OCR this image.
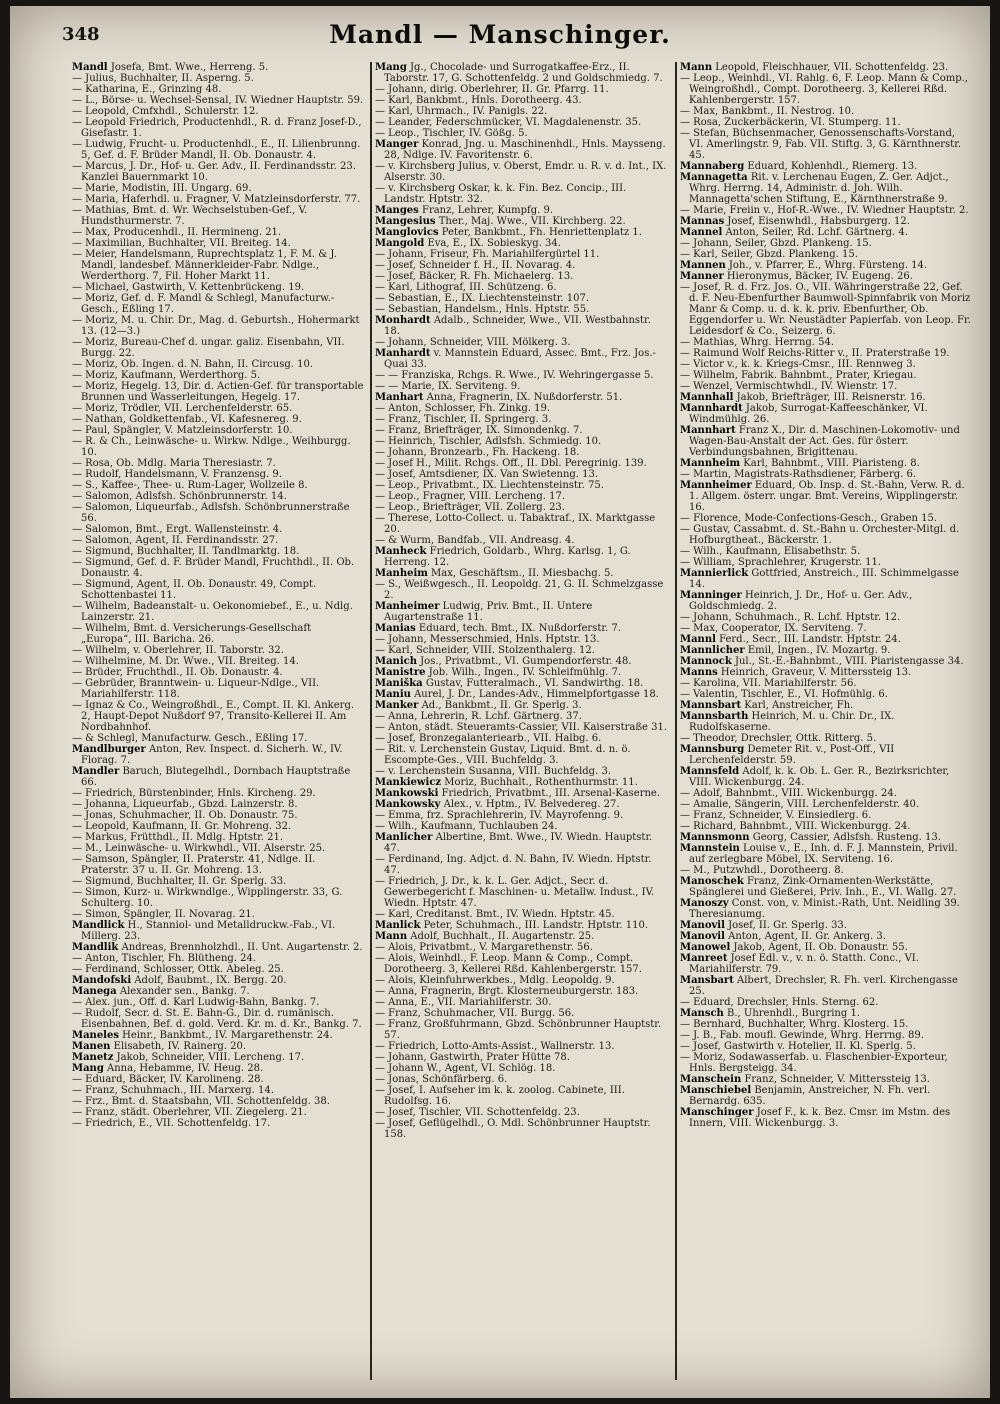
348	Mandl — Manschinger.
Mandl Josefa, Bmt. Wwe., Herreng. 5.
— Julius, Buchhalter, II. Asperng. 5.
— Katharina, E., Grinzing 48.
— L., Börse- u. Wechsel-Sensal, IV. Wiedner Hauptstr. 59.
— Leopold, Cmfxhdl., Schulerstr. 12.
— Leopold Friedrich, Productenhdl., R. d. Franz Josef-D., Gisefastr. 1.
— Ludwig, Frucht- u. Productenhdl., E., II. Lilienbrunng. 5, Gef. d. F. Brüder Mandl, II. Ob. Donaustr. 4.
— Marcus, J. Dr., Hof- u. Ger. Adv., II. Ferdinandsstr. 23. Kanzlei Bauernmarkt 10.
— Marie, Modistin, III. Ungarg. 69.
— Maria, Haferhdl. u. Fragner, V. Matzleinsdorferstr. 77.
— Mathias, Bmt. d. Wr. Wechselstuben-Gef., V. Hundsthurmerstr. 7.
— Max, Producenhdl., II. Hermineng. 21.
— Maximilian, Buchhalter, VII. Breiteg. 14.
— Meier, Handelsmann, Ruprechtsplatz 1, F. M. & J. Mandl, landesbef. Männerkleider-Fabr. Ndlge., Werderthorg. 7, Fil. Hoher Markt 11.
— Michael, Gastwirth, V. Kettenbrückeng. 19.
— Moriz, Gef. d. F. Mandl & Schlegl, Manufacturw.-Gesch., Eßling 17.
— Moriz, M. u. Chir. Dr., Mag. d. Geburtsh., Hohermarkt 13. (12—3.)
— Moriz, Bureau-Chef d. ungar. galiz. Eisenbahn, VII. Burgg. 22.
— Moriz, Ob. Ingen. d. N. Bahn, II. Circusg. 10.
— Moriz, Kaufmann, Werderthorg. 5.
— Moriz, Hegelg. 13, Dir. d. Actien-Gef. für transportable Brunnen und Wasserleitungen, Hegelg. 17.
— Moriz, Trödler, VII. Lerchenfelderstr. 65.
— Nathan, Goldkettenfab., VI. Kafesnereg. 9.
— Paul, Spängler, V. Matzleinsdorferstr. 10.
— R. & Ch., Leinwäsche- u. Wirkw. Ndlge., Weihburgg. 10.
— Rosa, Ob. Mdlg. Maria Theresiastr. 7.
— Rudolf, Handelsmann, V. Franzensg. 9.
— S., Kaffee-, Thee- u. Rum-Lager, Wollzeile 8.
— Salomon, Adlsfsh. Schönbrunnerstr. 14.
— Salomon, Liqueurfab., Adlsfsh. Schönbrunnerstraße 56.
— Salomon, Bmt., Ergt. Wallensteinstr. 4.
— Salomon, Agent, II. Ferdinandsstr. 27.
— Sigmund, Buchhalter, II. Tandlmarktg. 18.
— Sigmund, Gef. d. F. Brüder Mandl, Fruchthdl., II. Ob. Donaustr. 4.
— Sigmund, Agent, II. Ob. Donaustr. 49, Compt. Schottenbastei 11.
— Wilhelm, Badeanstalt- u. Oekonomiebef., E., u. Ndlg. Lainzerstr. 21.
— Wilhelm, Bmt. d. Versicherungs-Gesellschaft „Europa“, III. Baricha. 26.
— Wilhelm, v. Oberlehrer, II. Taborstr. 32.
— Wilhelmine, M. Dr. Wwe., VII. Breiteg. 14.
— Brüder, Fruchthdl., II. Ob. Donaustr. 4.
— Gebrüder, Branntwein- u. Liqueur-Ndlge., VII. Mariahilferstr. 118.
— Ignaz & Co., Weingroßhdl., E., Compt. II. Kl. Ankerg. 2, Haupt-Depot Nußdorf 97, Transito-Kellerei II. Am Nordbahnhof.
— & Schlegl, Manufacturw. Gesch., Eßling 17.
Mandlburger Anton, Rev. Inspect. d. Sicherh. W., IV. Florag. 7.
Mandler Baruch, Blutegelhdl., Dornbach Hauptstraße 66.
— Friedrich, Bürstenbinder, Hnls. Kircheng. 29.
— Johanna, Liqueurfab., Gbzd. Lainzerstr. 8.
— Jonas, Schuhmacher, II. Ob. Donaustr. 75.
— Leopold, Kaufmann, II. Gr. Mohreng. 32.
— Markus, Frütthdl., II. Mdlg. Hptstr. 21.
— M., Leinwäsche- u. Wirkwhdl., VII. Alserstr. 25.
— Samson, Spängler, II. Praterstr. 41, Ndlge. II. Praterstr. 37 u. II. Gr. Mohreng. 13.
— Sigmund, Buchhalter, II. Gr. Sperlg. 33.
— Simon, Kurz- u. Wirkwndlge., Wipplingerstr. 33, G. Schulterg. 10.
— Simon, Spängler, II. Novarag. 21.
Mandlick H., Stanniol- und Metalldruckw.-Fab., VI. Millerg. 23.
Mandlik Andreas, Brennholzhdl., II. Unt. Augartenstr. 2.
— Anton, Tischler, Fh. Blütheng. 24.
— Ferdinand, Schlosser, Ottk. Abeleg. 25.
Mandofski Adolf, Baubmt., IX. Bergg. 20.
Manega Alexander sen., Bankg. 7.
— Alex. jun., Off. d. Karl Ludwig-Bahn, Bankg. 7.
— Rudolf, Secr. d. St. E. Bahn-G., Dir. d. rumänisch. Eisenbahnen, Bef. d. gold. Verd. Kr. m. d. Kr., Bankg. 7.
Maneles Heinr., Bankbmt., IV. Margarethenstr. 24.
Manen Elisabeth, IV. Rainerg. 20.
Manetz Jakob, Schneider, VIII. Lercheng. 17.
Mang Anna, Hebamme, IV. Heug. 28.
— Eduard, Bäcker, IV. Karolineng. 28.
— Franz, Schuhmach., III. Marxerg. 14.
— Frz., Bmt. d. Staatsbahn, VII. Schottenfeldg. 38.
— Franz, städt. Oberlehrer, VII. Ziegelerg. 21.
— Friedrich, E., VII. Schottenfeldg. 17.
Mang Jg., Chocolade- und Surrogatkaffee-Erz., II. Taborstr. 17, G. Schottenfeldg. 2 und Goldschmiedg. 7.
— Johann, dirig. Oberlehrer, II. Gr. Pfarrg. 11.
— Karl, Bankbmt., Hnls. Dorotheerg. 43.
— Karl, Uhrmach., IV. Panigls. 22.
— Leander, Federschmücker, VI. Magdalenenstr. 35.
— Leop., Tischler, IV. Gößg. 5.
Manger Konrad, Jng. u. Maschinenhdl., Hnls. Maysseng. 28, Ndlge. IV. Favoritenstr. 6.
— v. Kirchsberg Julius, v. Oberst, Emdr. u. R. v. d. Int., IX. Alserstr. 30.
— v. Kirchsberg Oskar, k. k. Fin. Bez. Concip., III. Landstr. Hptstr. 32.
Manges Franz, Lehrer, Kumpfg. 9.
Mangesius Ther., Maj. Wwe., VII. Kirchberg. 22.
Manglovics Peter, Bankbmt., Fh. Henriettenplatz 1.
Mangold Eva, E., IX. Sobieskyg. 34.
— Johann, Friseur, Fh. Mariahilfergürtel 11.
— Josef, Schneider f. H., II. Novarag. 4.
— Josef, Bäcker, R. Fh. Michaelerg. 13.
— Karl, Lithograf, III. Schützeng. 6.
— Sebastian, E., IX. Liechtensteinstr. 107.
— Sebastian, Handelsm., Hnls. Hptstr. 55.
Monhardt Adalb., Schneider, Wwe., VII. Westbahnstr. 18.
— Johann, Schneider, VIII. Mölkerg. 3.
Manhardt v. Mannstein Eduard, Assec. Bmt., Frz. Jos.-Quai 33.
— — Franziska, Rchgs. R. Wwe., IV. Wehringergasse 5.
— — Marie, IX. Serviteng. 9.
Manhart Anna, Fragnerin, IX. Nußdorferstr. 51.
— Anton, Schlosser, Fh. Zinkg. 19.
— Franz, Tischler, II. Springerg. 3.
— Franz, Briefträger, IX. Simondenkg. 7.
— Heinrich, Tischler, Adlsfsh. Schmiedg. 10.
— Johann, Bronzearb., Fh. Hackeng. 18.
— Josef H., Milit. Rchgs. Off., II. Dbl. Peregrinig. 139.
— Josef, Amtsdiener, IX. Van Swietenng. 13.
— Leop., Privatbmt., IX. Liechtensteinstr. 75.
— Leop., Fragner, VIII. Lercheng. 17.
— Leop., Briefträger, VII. Zollerg. 23.
— Therese, Lotto-Collect. u. Tabaktraf., IX. Marktgasse 20.
— & Wurm, Bandfab., VII. Andreasg. 4.
Manheck Friedrich, Goldarb., Whrg. Karlsg. 1, G. Herreng. 12.
Manheim Max, Geschäftsm., II. Miesbachg. 5.
— S., Weißwgesch., II. Leopoldg. 21, G. II. Schmelzgasse 2.
Manheimer Ludwig, Priv. Bmt., II. Untere Augartenstraße 11.
Manias Eduard, tech. Bmt., IX. Nußdorferstr. 7.
— Johann, Messerschmied, Hnls. Hptstr. 13.
— Karl, Schneider, VIII. Stolzenthalerg. 12.
Manich Jos., Privatbmt., VI. Gumpendorferstr. 48.
Manistre Job. Wilh., Ingen., IV. Schleifmühlg. 7.
Maniška Gustav, Futteralmach., VI. Sandwirthg. 18.
Maniu Aurel, J. Dr., Landes-Adv., Himmelpfortgasse 18.
Manker Ad., Bankbmt., II. Gr. Sperlg. 3.
— Anna, Lehrerin, R. Lchf. Gärtnerg. 37.
— Anton, städt. Steueramts-Cassier, VII. Kaiserstraße 31.
— Josef, Bronzegalanteriearb., VII. Halbg. 6.
— Rit. v. Lerchenstein Gustav, Liquid. Bmt. d. n. ö. Escompte-Ges., VIII. Buchfeldg. 3.
— v. Lerchenstein Susanna, VIII. Buchfeldg. 3.
Mankiewicz Moriz, Buchhalt., Rothenthurmstr. 11.
Mankowski Friedrich, Privatbmt., III. Arsenal-Kaserne.
Mankowsky Alex., v. Hptm., IV. Belvedereg. 27.
— Emma, frz. Sprachlehrerin, IV. Mayrofenng. 9.
— Wilh., Kaufmann, Tuchlauben 24.
Manlicher Albertine, Bmt. Wwe., IV. Wiedn. Hauptstr. 47.
— Ferdinand, Ing. Adjct. d. N. Bahn, IV. Wiedn. Hptstr. 47.
— Friedrich, J. Dr., k. k. L. Ger. Adjct., Secr. d. Gewerbegericht f. Maschinen- u. Metallw. Indust., IV. Wiedn. Hptstr. 47.
— Karl, Creditanst. Bmt., IV. Wiedn. Hptstr. 45.
Manlick Peter, Schuhmach., III. Landstr. Hptstr. 110.
Mann Adolf, Buchhalt., II. Augartenstr. 25.
— Alois, Privatbmt., V. Margarethenstr. 56.
— Alois, Weinhdl., F. Leop. Mann & Comp., Compt. Dorotheerg. 3, Kellerei Rßd. Kahlenbergerstr. 157.
— Alois, Kleinfuhrwerkbes., Mdlg. Leopoldg. 9.
— Anna, Fragnerin, Brgt. Klosterneuburgerstr. 183.
— Anna, E., VII. Mariahilferstr. 30.
— Franz, Schuhmacher, VII. Burgg. 56.
— Franz, Großfuhrmann, Gbzd. Schönbrunner Hauptstr. 57.
— Friedrich, Lotto-Amts-Assist., Wallnerstr. 13.
— Johann, Gastwirth, Prater Hütte 78.
— Johann W., Agent, VI. Schlög. 18.
— Jonas, Schönfärberg. 6.
— Josef, I. Aufseher im k. k. zoolog. Cabinete, III. Rudolfsg. 16.
— Josef, Tischler, VII. Schottenfeldg. 23.
— Josef, Geflügelhdl., O. Mdl. Schönbrunner Hauptstr. 158.
Mann Leopold, Fleischhauer, VII. Schottenfeldg. 23.
— Leop., Weinhdl., VI. Rahlg. 6, F. Leop. Mann & Comp., Weingroßhdl., Compt. Dorotheerg. 3, Kellerei Rßd. Kahlenbergerstr. 157.
— Max, Bankbmt., II. Nestrog. 10.
— Rosa, Zuckerbäckerin, VI. Stumperg. 11.
— Stefan, Büchsenmacher, Genossenschafts-Vorstand, VI. Amerlingstr. 9, Fab. VII. Stiftg. 3, G. Kärnthnerstr. 45.
Mannaberg Eduard, Kohlenhdl., Riemerg. 13.
Mannagetta Rit. v. Lerchenau Eugen, Z. Ger. Adjct., Whrg. Herrng. 14, Administr. d. Joh. Wilh. Mannagetta'schen Stiftung, E., Kärnthnerstraße 9.
— Marie, Freiin v., Hof-R.-Wwe., IV. Wiedner Hauptstr. 2.
Mannas Josef, Eisenwhdl., Habsburgerg. 12.
Mannel Anton, Seiler, Rd. Lchf. Gärtnerg. 4.
— Johann, Seiler, Gbzd. Plankeng. 15.
— Karl, Seiler, Gbzd. Plankeng. 15.
Mannen Joh., v. Pfarrer, E., Whrg. Fürsteng. 14.
Manner Hieronymus, Bäcker, IV. Eugeng. 26.
— Josef, R. d. Frz. Jos. O., VII. Währingerstraße 22, Gef. d. F. Neu-Ebenfurther Baumwoll-Spinnfabrik von Moriz Manr & Comp. u. d. k. k. priv. Ebenfurther, Ob. Eggendorfer u. Wr. Neustädter Papierfab. von Leop. Fr. Leidesdorf & Co., Seizerg. 6.
— Mathias, Whrg. Herrng. 54.
— Raimund Wolf Reichs-Ritter v., II. Praterstraße 19.
— Victor v., k. k. Kriegs-Cmsr., III. Rennweg 3.
— Wilhelm, Fabrik. Bahnbmt., Prater, Kriegau.
— Wenzel, Vermischtwhdl., IV. Wienstr. 17.
Mannhall Jakob, Briefträger, III. Reisnerstr. 16.
Mannhardt Jakob, Surrogat-Kaffeeschänker, VI. Windmühlg. 26.
Mannhart Franz X., Dir. d. Maschinen-Lokomotiv- und Wagen-Bau-Anstalt der Act. Ges. für österr. Verbindungsbahnen, Brigittenau.
Mannheim Karl, Bahnbmt., VIII. Piaristeng. 8.
— Martin, Magistrats-Rathsdiener, Färberg. 6.
Mannheimer Eduard, Ob. Insp. d. St.-Bahn, Verw. R. d. 1. Allgem. österr. ungar. Bmt. Vereins, Wipplingerstr. 16.
— Florence, Mode-Confections-Gesch., Graben 15.
— Gustav, Cassabmt. d. St.-Bahn u. Orchester-Mitgl. d. Hofburgtheat., Bäckerstr. 1.
— Wilh., Kaufmann, Elisabethstr. 5.
— William, Sprachlehrer, Krugerstr. 11.
Mannierlick Gottfried, Anstreich., III. Schimmelgasse 14.
Manninger Heinrich, J. Dr., Hof- u. Ger. Adv., Goldschmiedg. 2.
— Johann, Schuhmach., R. Lchf. Hptstr. 12.
— Max, Cooperator, IX. Serviteng. 7.
Mannl Ferd., Secr., III. Landstr. Hptstr. 24.
Mannlicher Emil, Ingen., IV. Mozartg. 9.
Mannock Jul., St.-E.-Bahnbmt., VIII. Piaristengasse 34.
Manns Heinrich, Graveur, V. Mitterssteig 13.
— Karolina, VII. Mariahilferstr. 56.
— Valentin, Tischler, E., VI. Hofmühlg. 6.
Mannsbart Karl, Anstreicher, Fh.
Mannsbarth Heinrich, M. u. Chir. Dr., IX. Rudolfskaserne.
— Theodor, Drechsler, Ottk. Ritterg. 5.
Mannsburg Demeter Rit. v., Post-Off., VII Lerchenfelderstr. 59.
Mannsfeld Adolf, k. k. Ob. L. Ger. R., Bezirksrichter, VIII. Wickenburgg. 24.
— Adolf, Bahnbmt., VIII. Wickenburgg. 24.
— Amalie, Sängerin, VIII. Lerchenfelderstr. 40.
— Franz, Schneider, V. Einsiedlerg. 6.
— Richard, Bahnbmt., VIII. Wickenburgg. 24.
Mannsmonn Georg, Cassier, Adlsfsh. Rusteng. 13.
Mannstein Louise v., E., Inh. d. F. J. Mannstein, Privil. auf zerlegbare Möbel, IX. Serviteng. 16.
— M., Putzwhdl., Dorotheerg. 8.
Manoschek Franz, Zink-Ornamenten-Werkstätte, Spänglerei und Gießerei, Priv. Inh., E., VI. Wallg. 27.
Manoszy Const. von, v. Minist.-Rath, Unt. Neidling 39. Theresianumg.
Manovil Josef, II. Gr. Sperlg. 33.
Manovil Anton, Agent, II. Gr. Ankerg. 3.
Manowel Jakob, Agent, II. Ob. Donaustr. 55.
Manreet Josef Edl. v., v. n. ö. Statth. Conc., VI. Mariahilferstr. 79.
Mansbart Albert, Drechsler, R. Fh. verl. Kirchengasse 25.
— Eduard, Drechsler, Hnls. Sterng. 62.
Mansch B., Uhrenhdl., Burgring 1.
— Bernhard, Buchhalter, Whrg. Klosterg. 15.
— J. B., Fab. moufl. Gewinde, Whrg. Herrng. 89.
— Josef, Gastwirth v. Hotelier, II. Kl. Sperlg. 5.
— Moriz, Sodawasserfab. u. Flaschenbier-Exporteur, Hnls. Bergsteigg. 34.
Manschein Franz, Schneider, V. Mitterssteig 13.
Manschiebel Benjamin, Anstreicher, N. Fh. verl. Bernardg. 635.
Manschinger Josef F., k. k. Bez. Cmsr. im Mstm. des Innern, VIII. Wickenburgg. 3.
